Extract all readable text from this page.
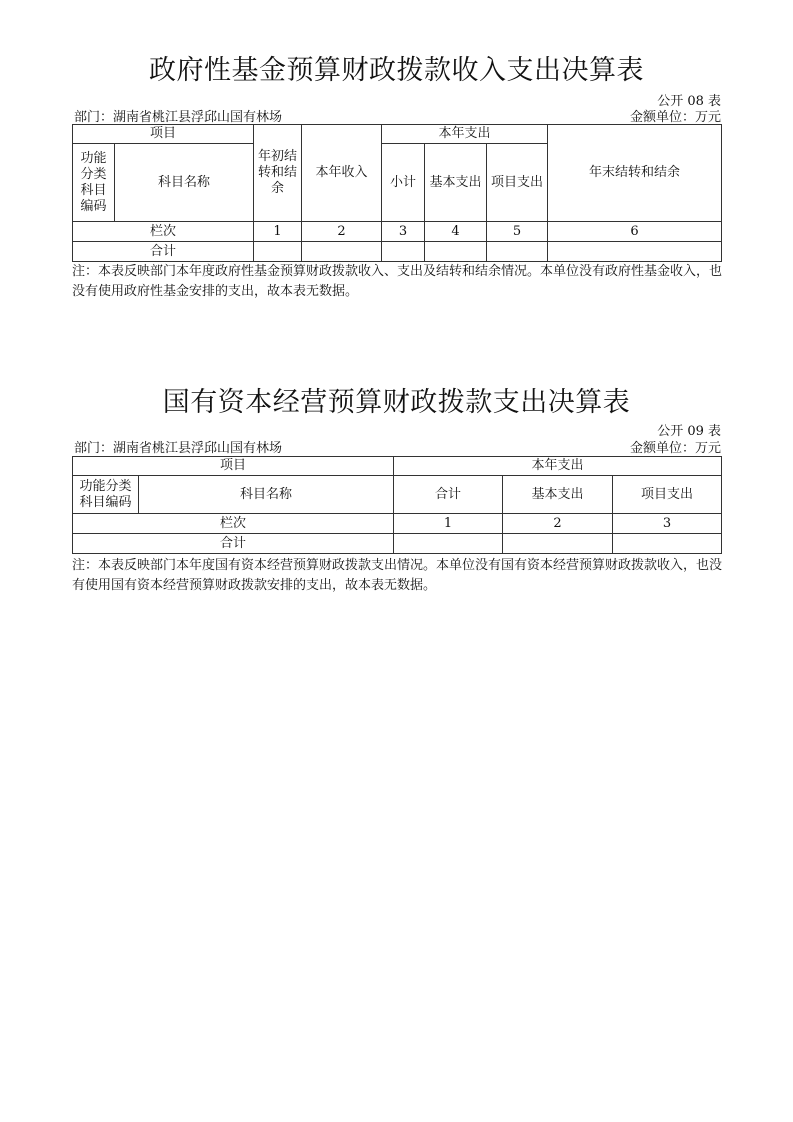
政府性基金预算财政拨款收入支出决算表
公开 08 表
部门：湖南省桃江县浮邱山国有林场	金额单位：万元
项目		年初结转和结余	本年收入	本年支出			年末结转和结余

功能分类科目编码	科目名称			小计	基本支出	项目支出	
栏次		1	2	3	4	5	6
合计							
注：本表反映部门本年度政府性基金预算财政拨款收入、支出及结转和结余情况。本单位没有政府性基金收入，也没有使用政府性基金安排的支出，故本表无数据。
国有资本经营预算财政拨款支出决算表
公开 09 表
部门：湖南省桃江县浮邱山国有林场	金额单位：万元
项目		本年支出		

功能分类科目编码	科目名称	合计	基本支出	项目支出
栏次		1	2	3
合计				
注：本表反映部门本年度国有资本经营预算财政拨款支出情况。本单位没有国有资本经营预算财政拨款收入，也没有使用国有资本经营预算财政拨款安排的支出，故本表无数据。
